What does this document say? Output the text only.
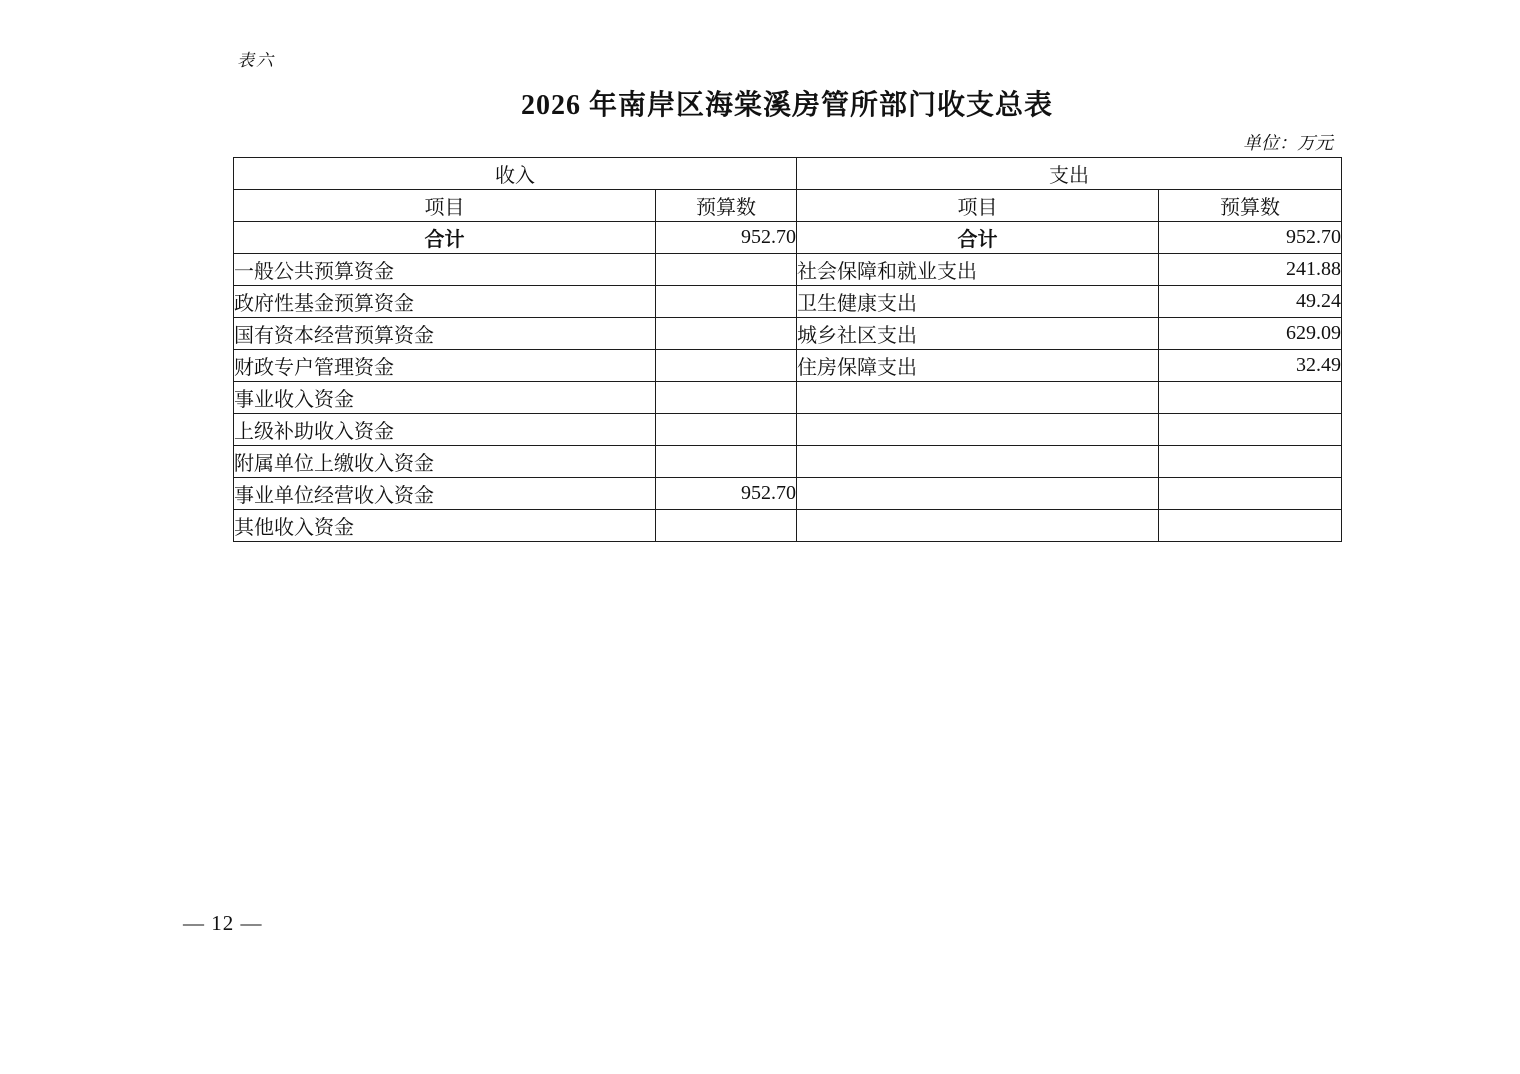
表六
2026 年南岸区海棠溪房管所部门收支总表
单位：万元
收入		支出	
项目	预算数	项目	预算数
合计	952.70	合计	952.70
一般公共预算资金		社会保障和就业支出	241.88
政府性基金预算资金		卫生健康支出	49.24
国有资本经营预算资金		城乡社区支出	629.09
财政专户管理资金		住房保障支出	32.49
事业收入资金			
上级补助收入资金			
附属单位上缴收入资金			
事业单位经营收入资金	952.70		
其他收入资金			
— 12 —
